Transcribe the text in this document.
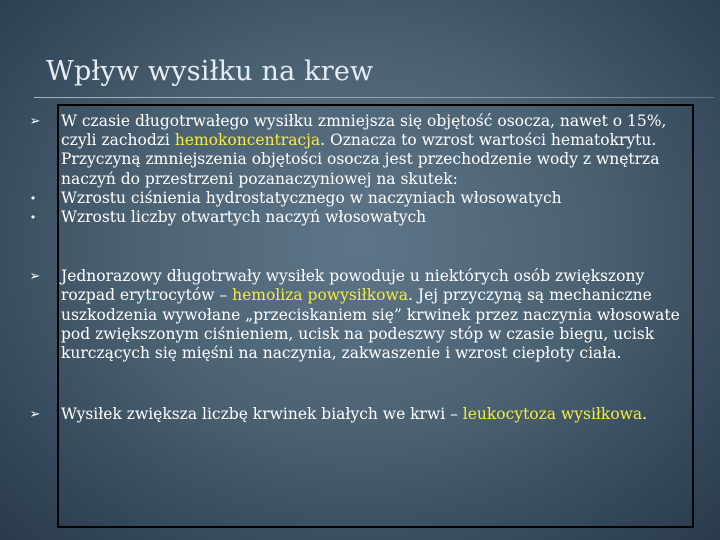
Wpływ wysiłku na krew

➢ W czasie długotrwałego wysiłku zmniejsza się objętość osocza, nawet o 15%, czyli zachodzi hemokoncentracja. Oznacza to wzrost wartości hematokrytu. Przyczyną zmniejszenia objętości osocza jest przechodzenie wody z wnętrza naczyń do przestrzeni pozanaczyniowej na skutek:

•	Wzrostu ciśnienia hydrostatycznego w naczyniach włosowatych

•	Wzrostu liczby otwartych naczyń włosowatych

➢ Jednorazowy długotrwały wysiłek powoduje u niektórych osób zwiększony rozpad erytrocytów – hemoliza powysiłkowa. Jej przyczyną są mechaniczne uszkodzenia wywołane „przeciskaniem się” krwinek przez naczynia włosowate pod zwiększonym ciśnieniem, ucisk na podeszwy stóp w czasie biegu, ucisk kurczących się mięśni na naczynia, zakwaszenie i wzrost ciepłoty ciała.

➢ Wysiłek zwiększa liczbę krwinek białych we krwi – leukocytoza wysiłkowa.
